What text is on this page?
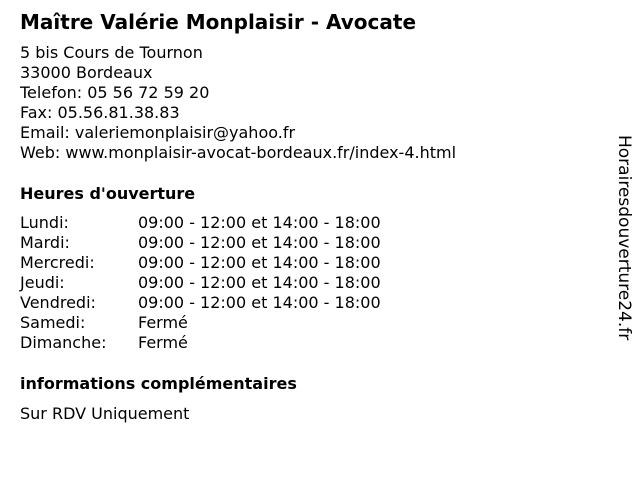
Maître Valérie Monplaisir - Avocate
5 bis Cours de Tournon
33000 Bordeaux
Telefon: 05 56 72 59 20
Fax: 05.56.81.38.83
Email: valeriemonplaisir@yahoo.fr
Web: www.monplaisir-avocat-bordeaux.fr/index-4.html
Heures d'ouverture
Lundi:	09:00 - 12:00 et 14:00 - 18:00
Mardi:	09:00 - 12:00 et 14:00 - 18:00
Mercredi:	09:00 - 12:00 et 14:00 - 18:00
Jeudi:	09:00 - 12:00 et 14:00 - 18:00
Vendredi:	09:00 - 12:00 et 14:00 - 18:00
Samedi:	Fermé
Dimanche:	Fermé
informations complémentaires
Sur RDV Uniquement
Horairesdouverture24.fr
